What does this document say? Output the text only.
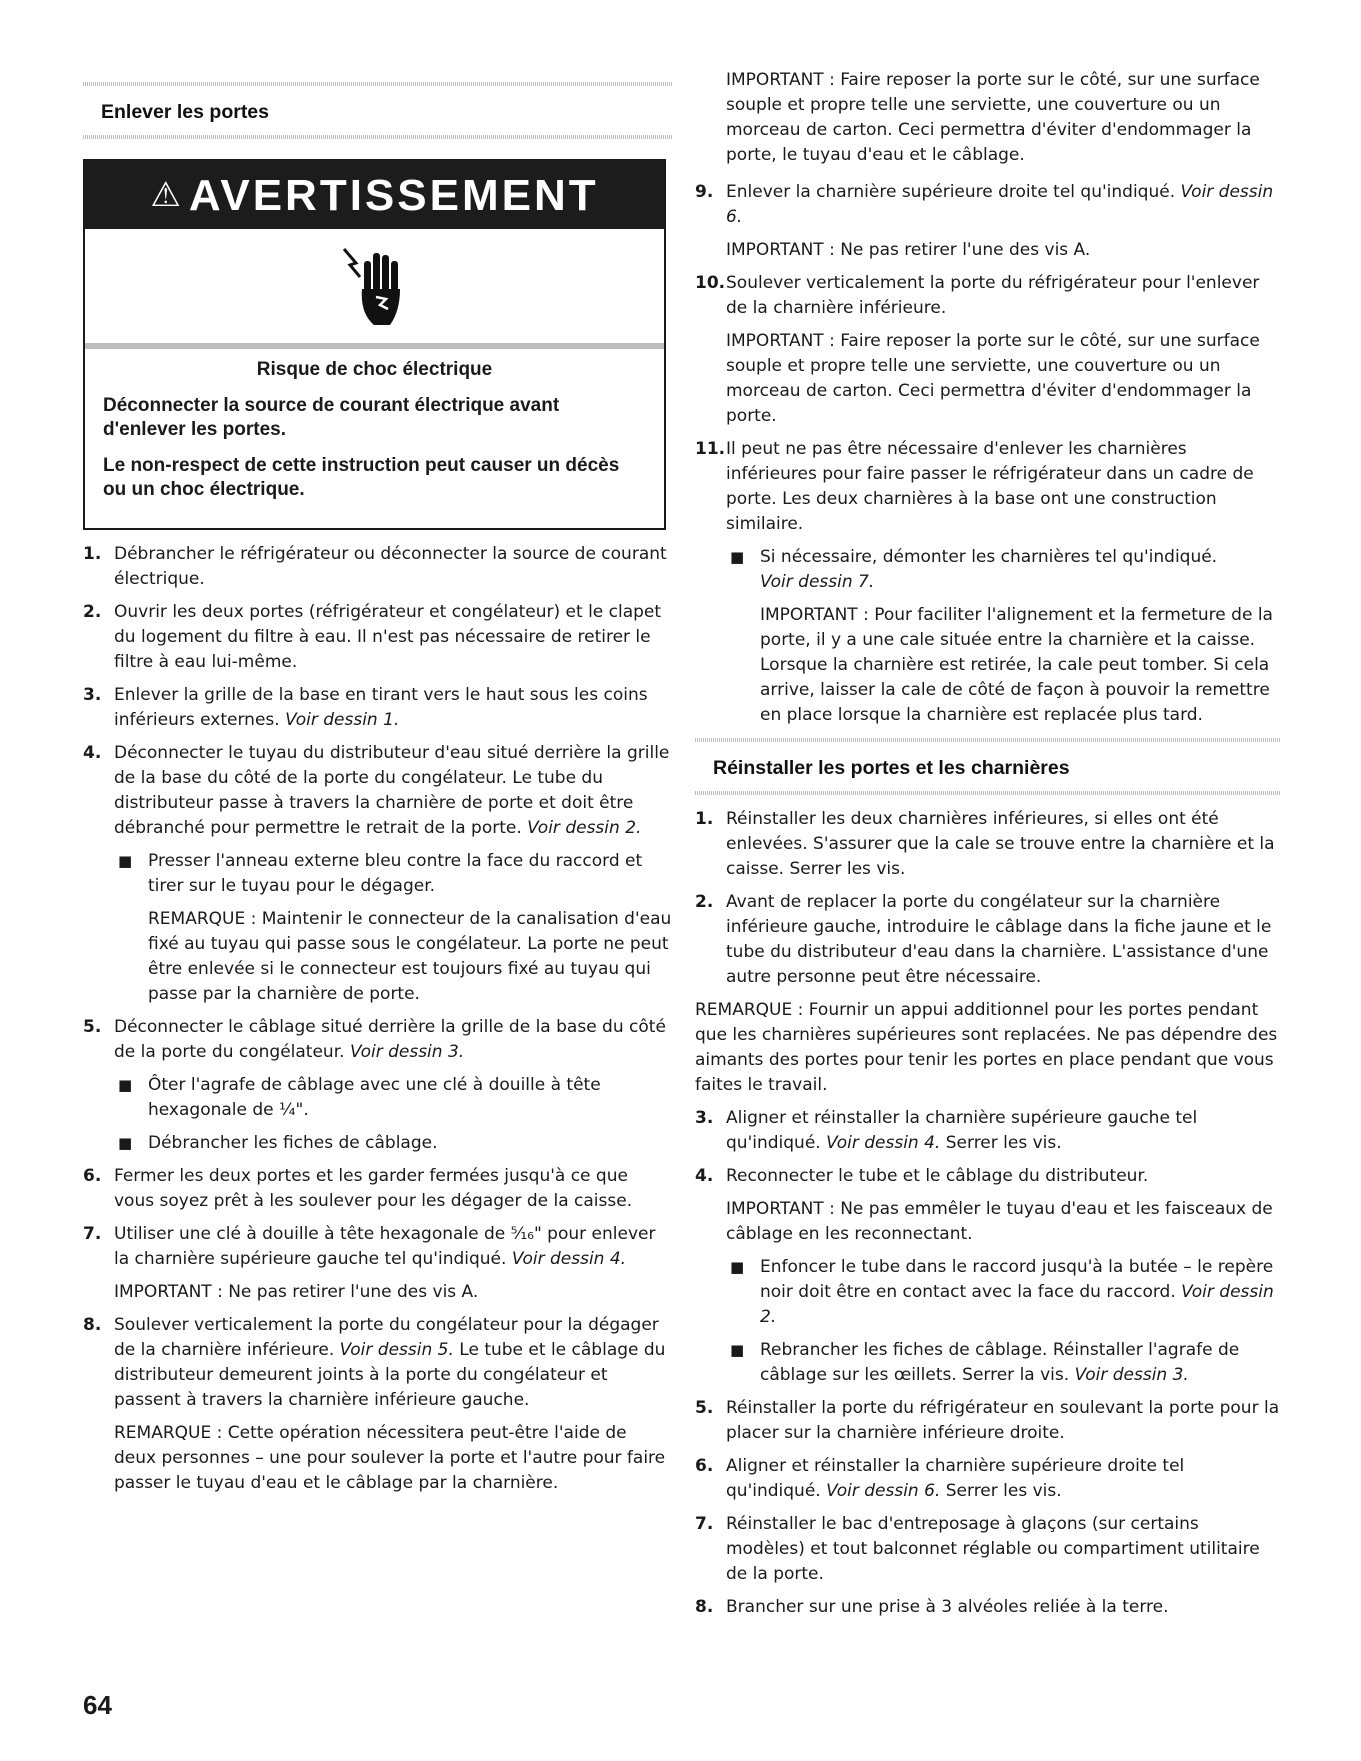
Enlever les portes
⚠ AVERTISSEMENT
Risque de choc électrique

Déconnecter la source de courant électrique avant d'enlever les portes.

Le non-respect de cette instruction peut causer un décès ou un choc électrique.

1. Débrancher le réfrigérateur ou déconnecter la source de courant électrique.
2. Ouvrir les deux portes (réfrigérateur et congélateur) et le clapet du logement du filtre à eau. Il n'est pas nécessaire de retirer le filtre à eau lui-même.
3. Enlever la grille de la base en tirant vers le haut sous les coins inférieurs externes. Voir dessin 1.
4. Déconnecter le tuyau du distributeur d'eau situé derrière la grille de la base du côté de la porte du congélateur. Le tube du distributeur passe à travers la charnière de porte et doit être débranché pour permettre le retrait de la porte. Voir dessin 2.
■ Presser l'anneau externe bleu contre la face du raccord et tirer sur le tuyau pour le dégager.
REMARQUE : Maintenir le connecteur de la canalisation d'eau fixé au tuyau qui passe sous le congélateur. La porte ne peut être enlevée si le connecteur est toujours fixé au tuyau qui passe par la charnière de porte.
5. Déconnecter le câblage situé derrière la grille de la base du côté de la porte du congélateur. Voir dessin 3.
■ Ôter l'agrafe de câblage avec une clé à douille à tête hexagonale de ¼".
■ Débrancher les fiches de câblage.
6. Fermer les deux portes et les garder fermées jusqu'à ce que vous soyez prêt à les soulever pour les dégager de la caisse.
7. Utiliser une clé à douille à tête hexagonale de ⁵⁄₁₆" pour enlever la charnière supérieure gauche tel qu'indiqué. Voir dessin 4.
IMPORTANT : Ne pas retirer l'une des vis A.
8. Soulever verticalement la porte du congélateur pour la dégager de la charnière inférieure. Voir dessin 5. Le tube et le câblage du distributeur demeurent joints à la porte du congélateur et passent à travers la charnière inférieure gauche.
REMARQUE : Cette opération nécessitera peut-être l'aide de deux personnes – une pour soulever la porte et l'autre pour faire passer le tuyau d'eau et le câblage par la charnière.
IMPORTANT : Faire reposer la porte sur le côté, sur une surface souple et propre telle une serviette, une couverture ou un morceau de carton. Ceci permettra d'éviter d'endommager la porte, le tuyau d'eau et le câblage.
9. Enlever la charnière supérieure droite tel qu'indiqué. Voir dessin 6.
IMPORTANT : Ne pas retirer l'une des vis A.
10. Soulever verticalement la porte du réfrigérateur pour l'enlever de la charnière inférieure.
IMPORTANT : Faire reposer la porte sur le côté, sur une surface souple et propre telle une serviette, une couverture ou un morceau de carton. Ceci permettra d'éviter d'endommager la porte.
11. Il peut ne pas être nécessaire d'enlever les charnières inférieures pour faire passer le réfrigérateur dans un cadre de porte. Les deux charnières à la base ont une construction similaire.
■ Si nécessaire, démonter les charnières tel qu'indiqué.
Voir dessin 7.
IMPORTANT : Pour faciliter l'alignement et la fermeture de la porte, il y a une cale située entre la charnière et la caisse. Lorsque la charnière est retirée, la cale peut tomber. Si cela arrive, laisser la cale de côté de façon à pouvoir la remettre en place lorsque la charnière est replacée plus tard.
Réinstaller les portes et les charnières
1. Réinstaller les deux charnières inférieures, si elles ont été enlevées. S'assurer que la cale se trouve entre la charnière et la caisse. Serrer les vis.
2. Avant de replacer la porte du congélateur sur la charnière inférieure gauche, introduire le câblage dans la fiche jaune et le tube du distributeur d'eau dans la charnière. L'assistance d'une autre personne peut être nécessaire.
REMARQUE : Fournir un appui additionnel pour les portes pendant que les charnières supérieures sont replacées. Ne pas dépendre des aimants des portes pour tenir les portes en place pendant que vous faites le travail.
3. Aligner et réinstaller la charnière supérieure gauche tel qu'indiqué. Voir dessin 4. Serrer les vis.
4. Reconnecter le tube et le câblage du distributeur.
IMPORTANT : Ne pas emmêler le tuyau d'eau et les faisceaux de câblage en les reconnectant.
■ Enfoncer le tube dans le raccord jusqu'à la butée – le repère noir doit être en contact avec la face du raccord. Voir dessin 2.
■ Rebrancher les fiches de câblage. Réinstaller l'agrafe de câblage sur les œillets. Serrer la vis. Voir dessin 3.
5. Réinstaller la porte du réfrigérateur en soulevant la porte pour la placer sur la charnière inférieure droite.
6. Aligner et réinstaller la charnière supérieure droite tel qu'indiqué. Voir dessin 6. Serrer les vis.
7. Réinstaller le bac d'entreposage à glaçons (sur certains modèles) et tout balconnet réglable ou compartiment utilitaire de la porte.
8. Brancher sur une prise à 3 alvéoles reliée à la terre.
64
